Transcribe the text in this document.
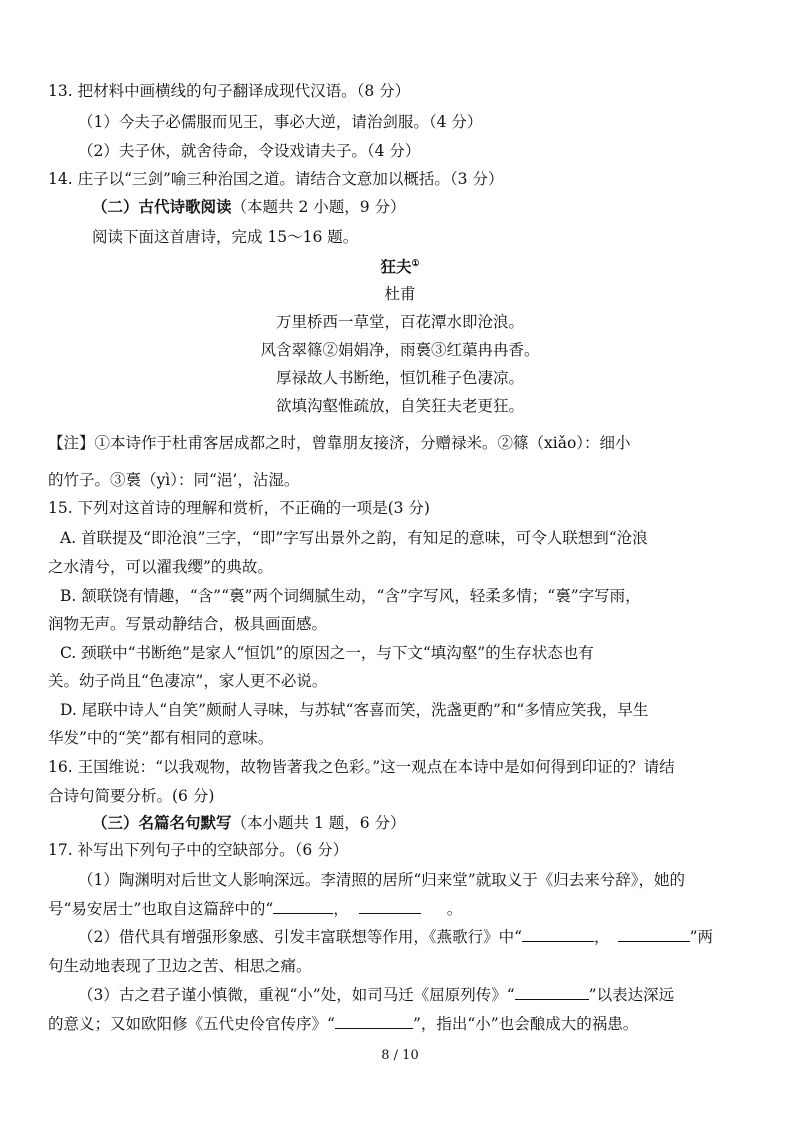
13. 把材料中画横线的句子翻译成现代汉语。（8 分）
（1）今夫子必儒服而见王，事必大逆，请治剑服。（4 分）
（2）夫子休，就舍待命，令设戏请夫子。（4 分）
14. 庄子以“三剑”喻三种治国之道。请结合文意加以概括。（3 分）
（二）古代诗歌阅读（本题共 2 小题，9 分）
阅读下面这首唐诗，完成 15～16 题。
狂夫①
杜甫
万里桥西一草堂，百花潭水即沧浪。
风含翠篠②娟娟净，雨裛③红蕖冉冉香。
厚禄故人书断绝，恒饥稚子色凄凉。
欲填沟壑惟疏放，自笑狂夫老更狂。
【注】①本诗作于杜甫客居成都之时，曾靠朋友接济，分赠禄米。②篠（xiǎo）：细小
的竹子。③裛（yì）：同“浥’，沾湿。
15. 下列对这首诗的理解和赏析，不正确的一项是(3 分)
A. 首联提及“即沧浪”三字，“即”字写出景外之韵，有知足的意味，可令人联想到“沧浪
之水清兮，可以濯我缨”的典故。
B. 颔联饶有情趣，“含”“裛”两个词绸腻生动，“含”字写风，轻柔多情；“裛”字写雨，
润物无声。写景动静结合，极具画面感。
C. 颈联中“书断绝”是家人“恒饥”的原因之一，与下文“填沟壑”的生存状态也有
关。幼子尚且“色凄凉”，家人更不必说。
D. 尾联中诗人“自笑”颇耐人寻味，与苏轼“客喜而笑，洗盏更酌”和“多情应笑我，早生
华发”中的“笑”都有相同的意味。
16. 王国维说：“以我观物，故物皆著我之色彩。”这一观点在本诗中是如何得到印证的？请结
合诗句简要分析。(6 分)
（三）名篇名句默写（本小题共 1 题，6 分）
17. 补写出下列句子中的空缺部分。（6 分）
（1）陶渊明对后世文人影响深远。李清照的居所“归来堂”就取义于《归去来兮辞》，她的
号“易安居士”也取自这篇辞中的“	，	。
（2）借代具有增强形象感、引发丰富联想等作用，《燕歌行》中“	，	”两
句生动地表现了卫边之苦、相思之痛。
（3）古之君子谨小慎微，重视“小”处，如司马迁《屈原列传》“	”以表达深远
的意义；又如欧阳修《五代史伶官传序》“	”，指出“小”也会酿成大的祸患。
8 / 10
